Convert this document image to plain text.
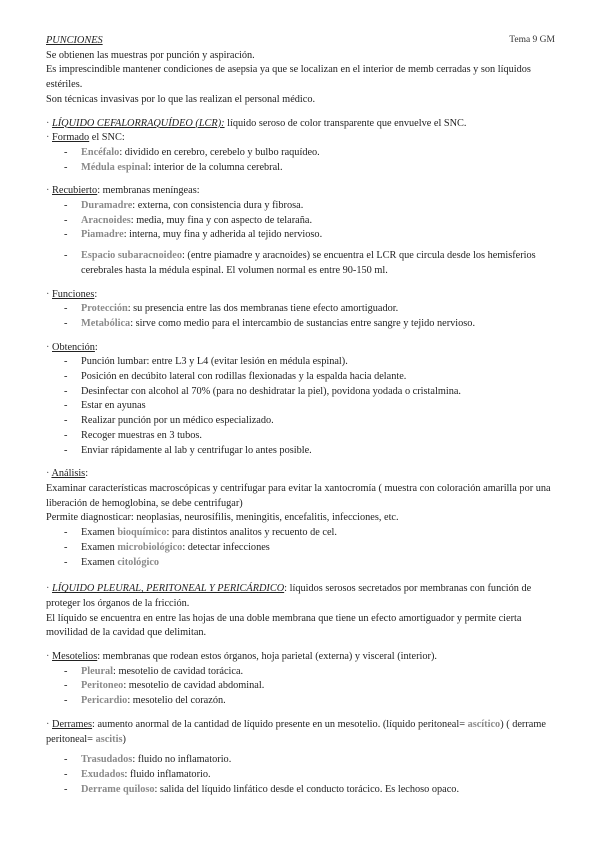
Tema 9 GM

PUNCIONES

Se obtienen las muestras por punción y aspiración.

Es imprescindible mantener condiciones de asepsia ya que se localizan en el interior de memb cerradas y son líquidos estériles.

Son técnicas invasivas por lo que las realizan el personal médico.

· LÍQUIDO CEFALORRAQUÍDEO (LCR): líquido seroso de color transparente que envuelve el SNC.

· Formado el SNC:

- Encéfalo: dividido en cerebro, cerebelo y bulbo raquídeo.
- Médula espinal: interior de la columna cerebral.

· Recubierto: membranas meníngeas:

- Duramadre: externa, con consistencia dura y fibrosa.
- Aracnoides: media, muy fina y con aspecto de telaraña.
- Piamadre: interna, muy fina y adherida al tejido nervioso.
- Espacio subaracnoideo: (entre piamadre y aracnoides) se encuentra el LCR que circula desde los hemisferios cerebrales hasta la médula espinal. El volumen normal es entre 90-150 ml.

· Funciones:

- Protección: su presencia entre las dos membranas tiene efecto amortiguador.
- Metabólica: sirve como medio para el intercambio de sustancias entre sangre y tejido nervioso.

· Obtención:

- Punción lumbar: entre L3 y L4 (evitar lesión en médula espinal).
- Posición en decúbito lateral con rodillas flexionadas y la espalda hacia delante.
- Desinfectar con alcohol al 70% (para no deshidratar la piel), povidona yodada o cristalmina.
- Estar en ayunas
- Realizar punción por un médico especializado.
- Recoger muestras en 3 tubos.
- Enviar rápidamente al lab y centrifugar lo antes posible.

· Análisis:

Examinar características macroscópicas y centrifugar para evitar la xantocromía ( muestra con coloración amarilla por una liberación de hemoglobina, se debe centrifugar)

Permite diagnosticar: neoplasias, neurosífilis, meningitis, encefalitis, infecciones, etc.

- Examen bioquímico: para distintos analitos y recuento de cel.
- Examen microbiológico: detectar infecciones
- Examen citológico

· LÍQUIDO PLEURAL, PERITONEAL Y PERICÁRDICO: líquidos serosos secretados por membranas con función de proteger los órganos de la fricción.

El líquido se encuentra en entre las hojas de una doble membrana que tiene un efecto amortiguador y permite cierta movilidad de la cavidad que delimitan.

· Mesotelios: membranas que rodean estos órganos, hoja parietal (externa) y visceral (interior).

- Pleural: mesotelio de cavidad torácica.
- Peritoneo: mesotelio de cavidad abdominal.
- Pericardio: mesotelio del corazón.

· Derrames: aumento anormal de la cantidad de líquido presente en un mesotelio. (líquido peritoneal= ascítico) ( derrame peritoneal= ascitis)

- Trasudados: fluido no inflamatorio.
- Exudados: fluido inflamatorio.
- Derrame quiloso: salida del líquido linfático desde el conducto torácico. Es lechoso opaco.
